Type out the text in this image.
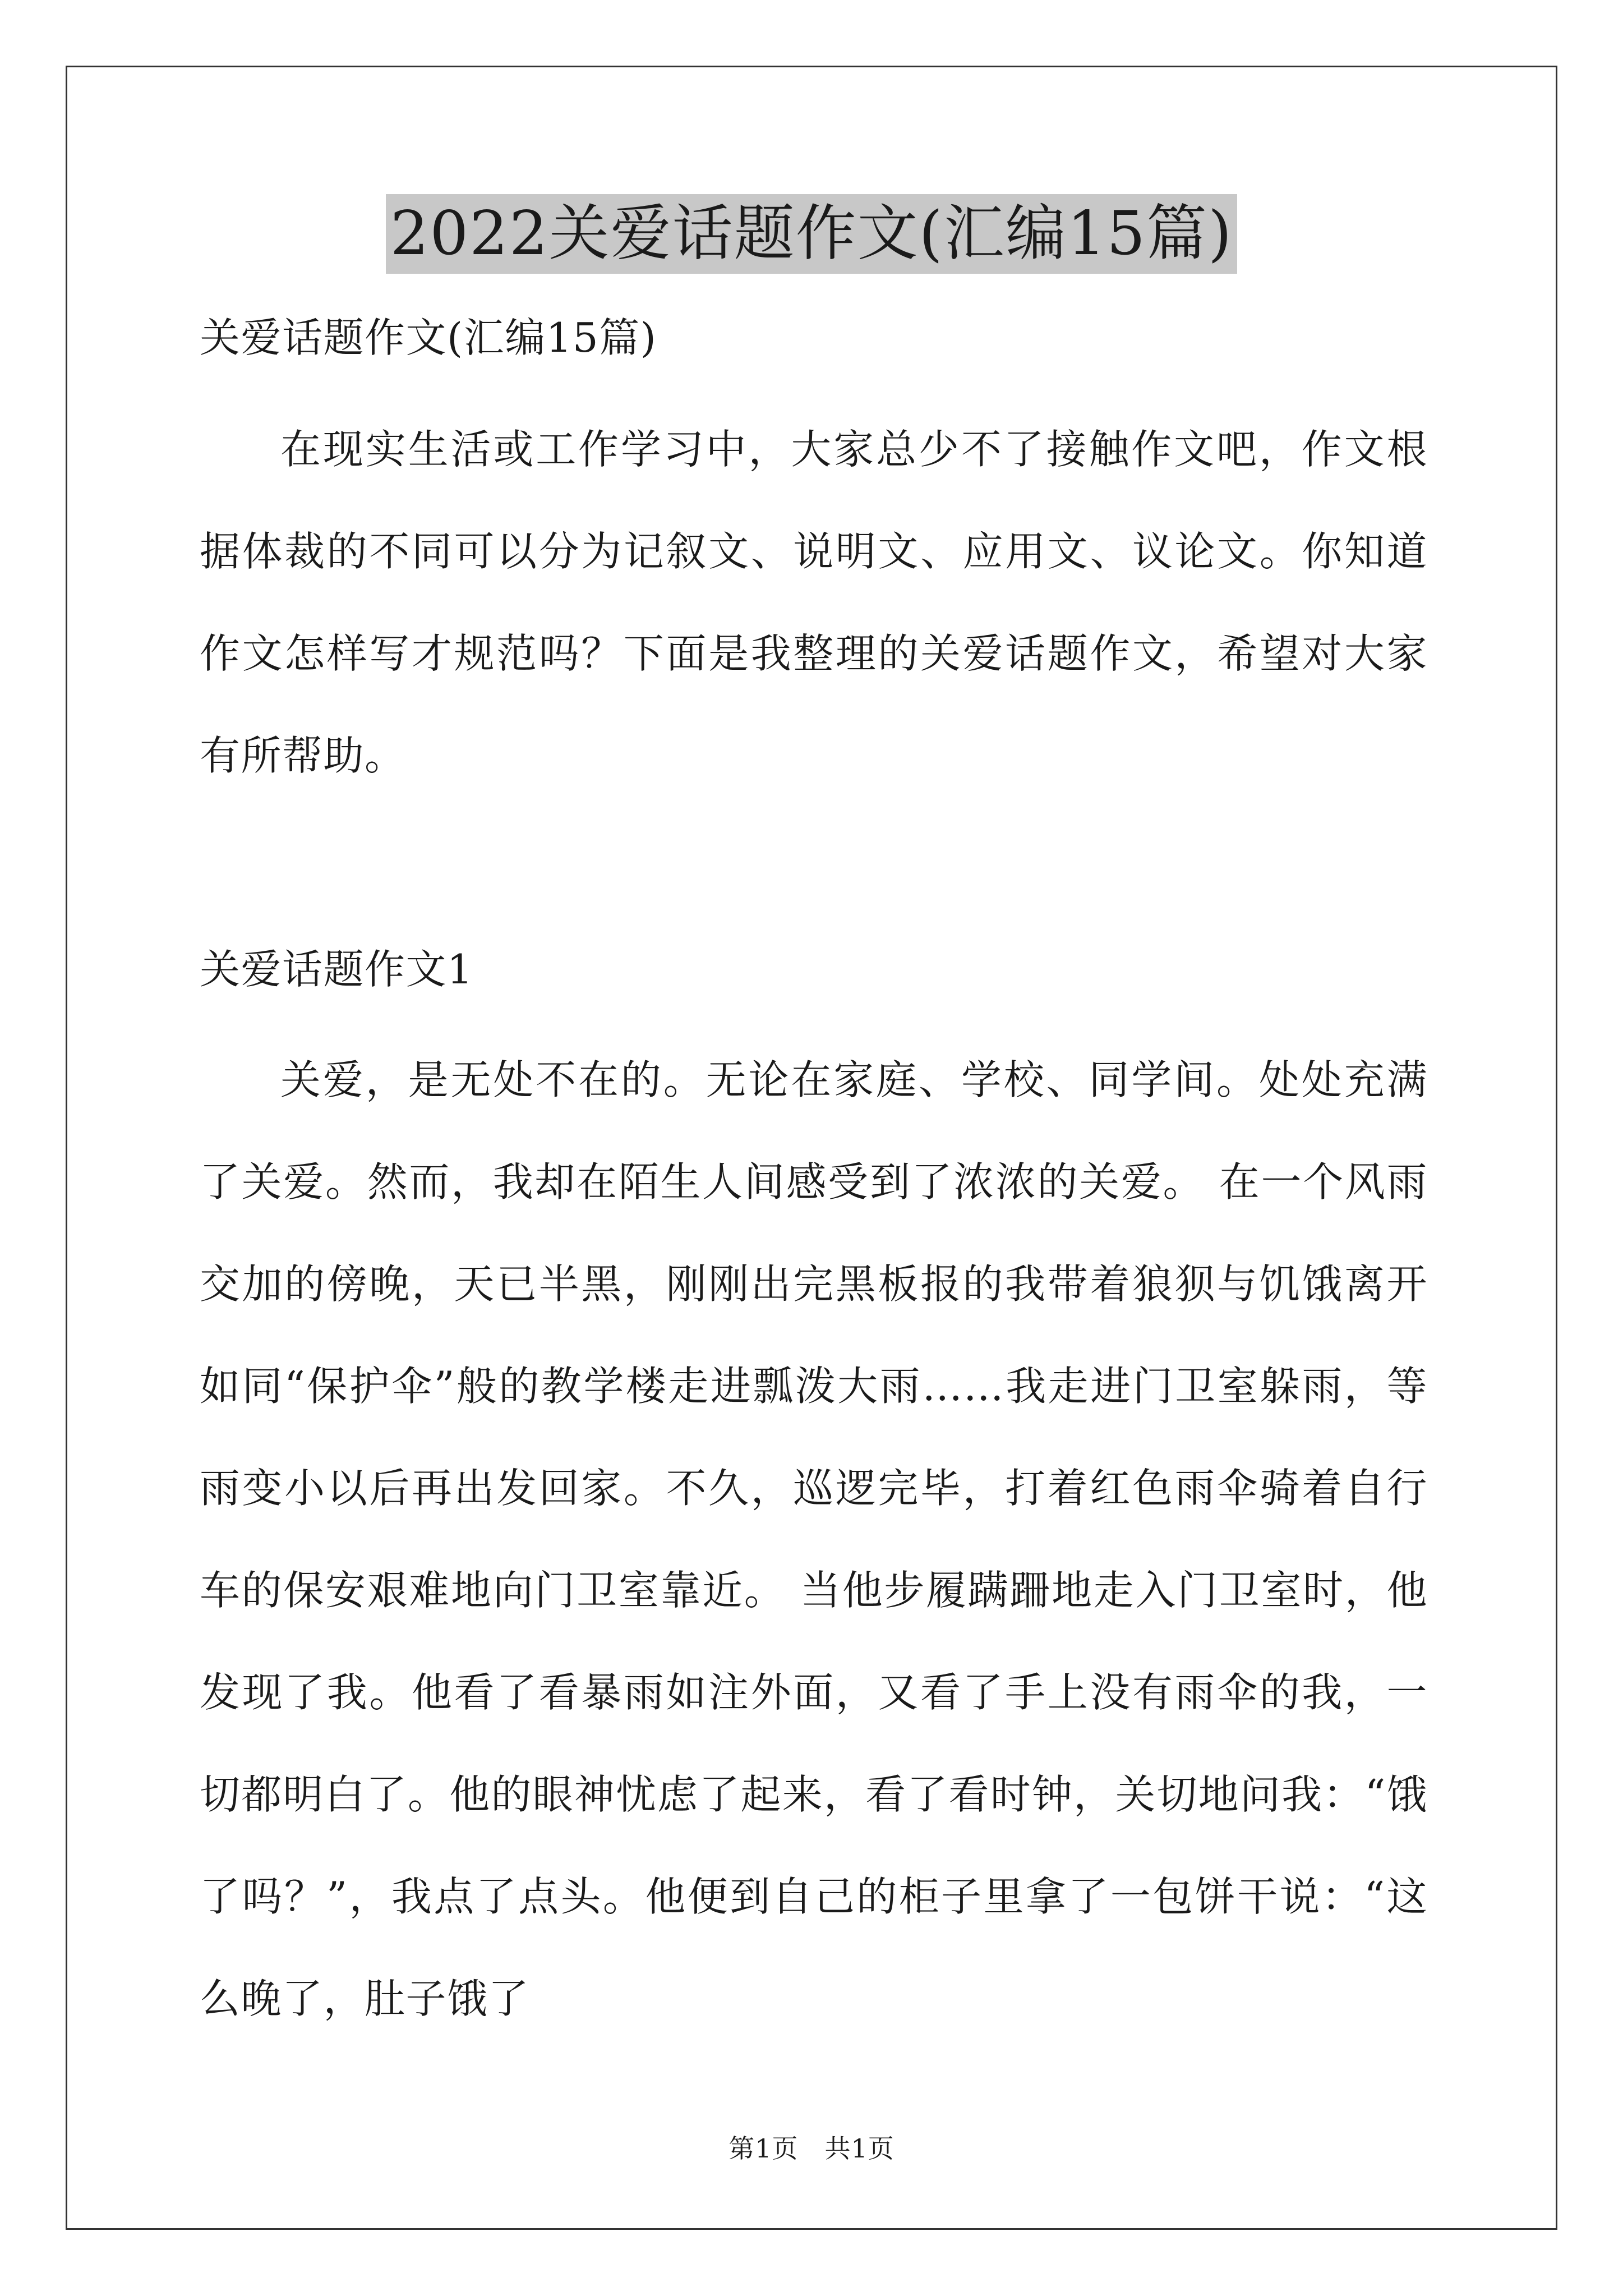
2022关爱话题作文(汇编15篇)

关爱话题作文(汇编15篇)

在现实生活或工作学习中，大家总少不了接触作文吧，作文根据体裁的不同可以分为记叙文、说明文、应用文、议论文。你知道作文怎样写才规范吗？下面是我整理的关爱话题作文，希望对大家有所帮助。

关爱话题作文1

关爱，是无处不在的。无论在家庭、学校、同学间。处处充满了关爱。然而，我却在陌生人间感受到了浓浓的关爱。 在一个风雨交加的傍晚，天已半黑，刚刚出完黑板报的我带着狼狈与饥饿离开如同“保护伞”般的教学楼走进瓢泼大雨……我走进门卫室躲雨，等雨变小以后再出发回家。不久，巡逻完毕，打着红色雨伞骑着自行车的保安艰难地向门卫室靠近。 当他步履蹒跚地走入门卫室时，他发现了我。他看了看暴雨如注外面，又看了手上没有雨伞的我，一切都明白了。他的眼神忧虑了起来，看了看时钟，关切地问我：“饿了吗？”，我点了点头。他便到自己的柜子里拿了一包饼干说：“这么晚了，肚子饿了

第1页 共1页
